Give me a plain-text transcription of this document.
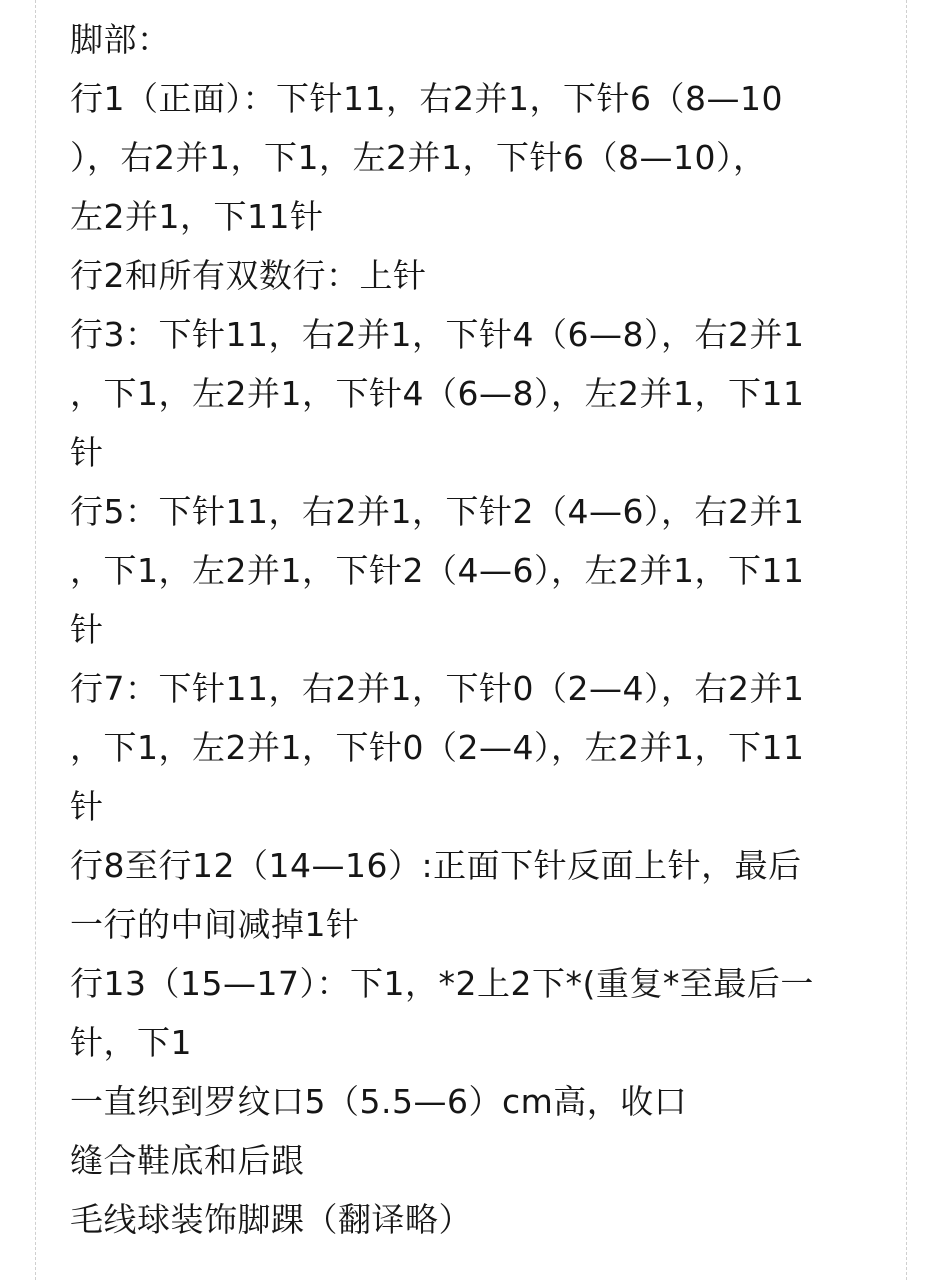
脚部：
行1（正面）：下针11，右2并1，下针6（8—10
），右2并1，下1，左2并1，下针6（8—10），
左2并1，下11针
行2和所有双数行：上针
行3：下针11，右2并1，下针4（6—8），右2并1
，下1，左2并1，下针4（6—8），左2并1，下11
针
行5：下针11，右2并1，下针2（4—6），右2并1
，下1，左2并1，下针2（4—6），左2并1，下11
针
行7：下针11，右2并1，下针0（2—4），右2并1
，下1，左2并1，下针0（2—4），左2并1，下11
针
行8至行12（14—16）:正面下针反面上针，最后
一行的中间减掉1针
行13（15—17）：下1，*2上2下*(重复*至最后一
针，下1
一直织到罗纹口5（5.5—6）cm高，收口
缝合鞋底和后跟
毛线球装饰脚踝（翻译略）
